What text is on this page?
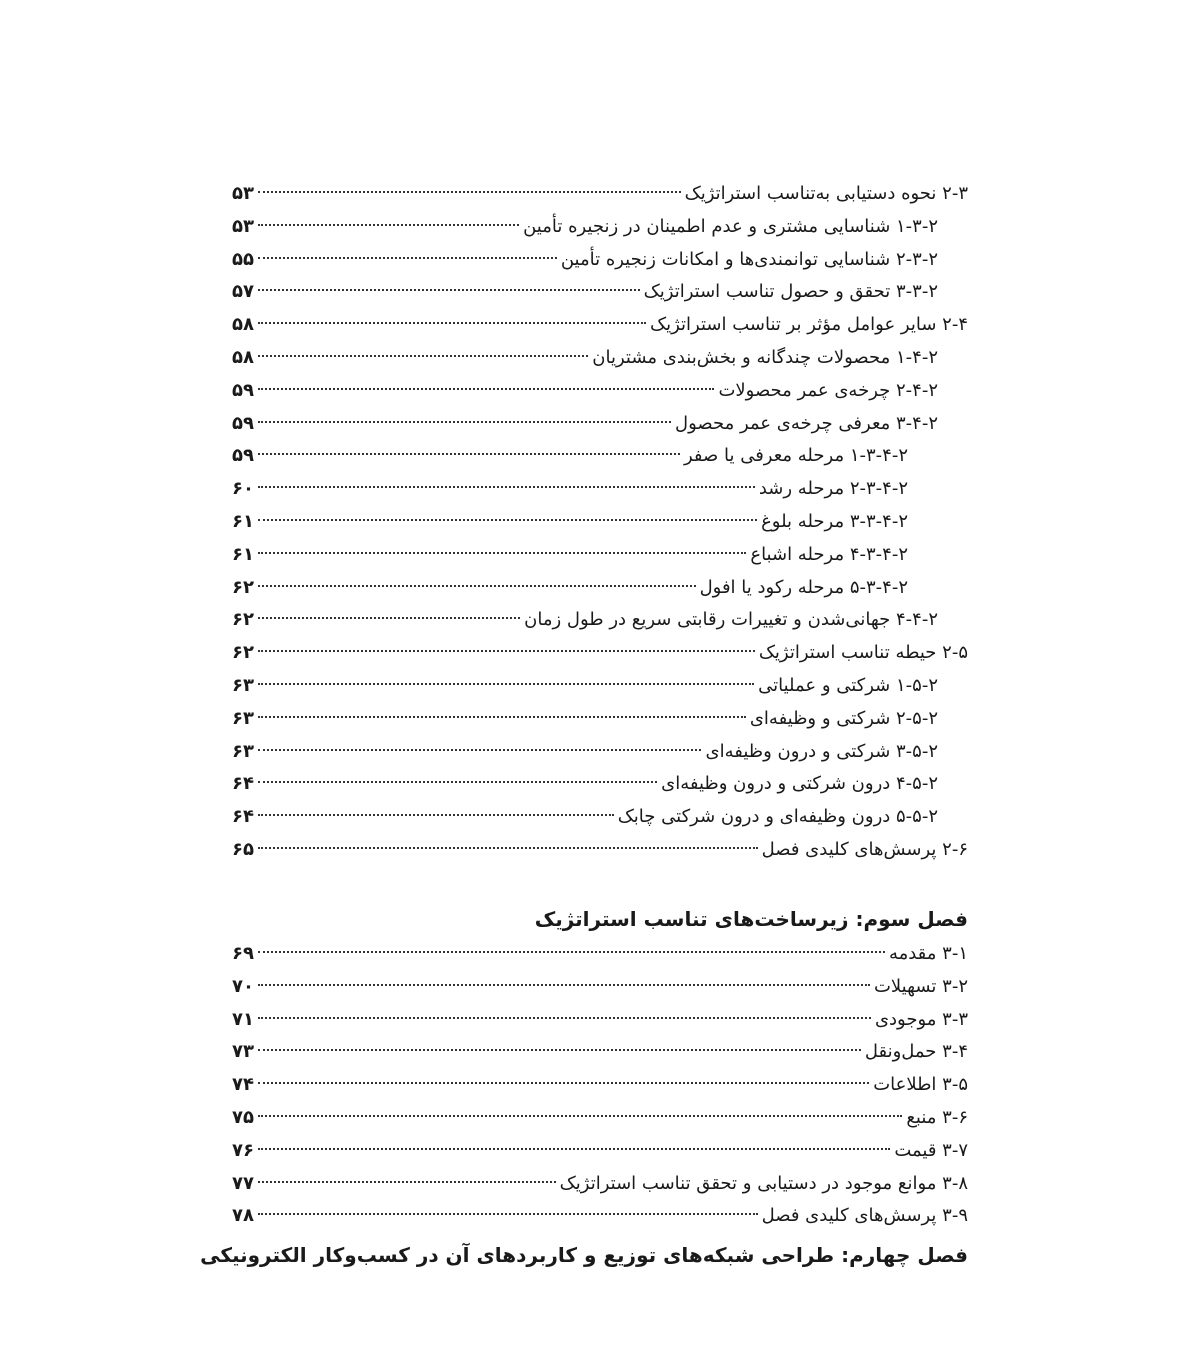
۲-۳ نحوه دستیابی به‌تناسب استراتژیک
۵۳
۱-۳-۲ شناسایی مشتری و عدم اطمینان در زنجیره تأمین
۵۳
۲-۳-۲ شناسایی توانمندی‌ها و امکانات زنجیره تأمین
۵۵
۳-۳-۲ تحقق و حصول تناسب استراتژیک
۵۷
۲-۴ سایر عوامل مؤثر بر تناسب استراتژیک
۵۸
۱-۴-۲ محصولات چندگانه و بخش‌بندی مشتریان
۵۸
۲-۴-۲ چرخه‌ی عمر محصولات
۵۹
۳-۴-۲ معرفی چرخه‌ی عمر محصول
۵۹
۱-۳-۴-۲ مرحله معرفی یا صفر
۵۹
۲-۳-۴-۲ مرحله رشد
۶۰
۳-۳-۴-۲ مرحله بلوغ
۶۱
۴-۳-۴-۲ مرحله اشباع
۶۱
۵-۳-۴-۲ مرحله رکود یا افول
۶۲
۴-۴-۲ جهانی‌شدن و تغییرات رقابتی سریع در طول زمان
۶۲
۲-۵ حیطه تناسب استراتژیک
۶۲
۱-۵-۲ شرکتی و عملیاتی
۶۳
۲-۵-۲ شرکتی و وظیفه‌ای
۶۳
۳-۵-۲ شرکتی و درون وظیفه‌ای
۶۳
۴-۵-۲ درون شرکتی و درون وظیفه‌ای
۶۴
۵-۵-۲ درون وظیفه‌ای و درون شرکتی چابک
۶۴
۲-۶ پرسش‌های کلیدی فصل
۶۵
فصل سوم: زیرساخت‌های تناسب استراتژیک
۳-۱ مقدمه
۶۹
۳-۲ تسهیلات
۷۰
۳-۳ موجودی
۷۱
۳-۴ حمل‌ونقل
۷۳
۳-۵ اطلاعات
۷۴
۳-۶ منبع
۷۵
۳-۷ قیمت
۷۶
۳-۸ موانع موجود در دستیابی و تحقق تناسب استراتژیک
۷۷
۳-۹ پرسش‌های کلیدی فصل
۷۸
فصل چهارم: طراحی شبکه‌های توزیع و کاربردهای آن در کسب‌وکار الکترونیکی
